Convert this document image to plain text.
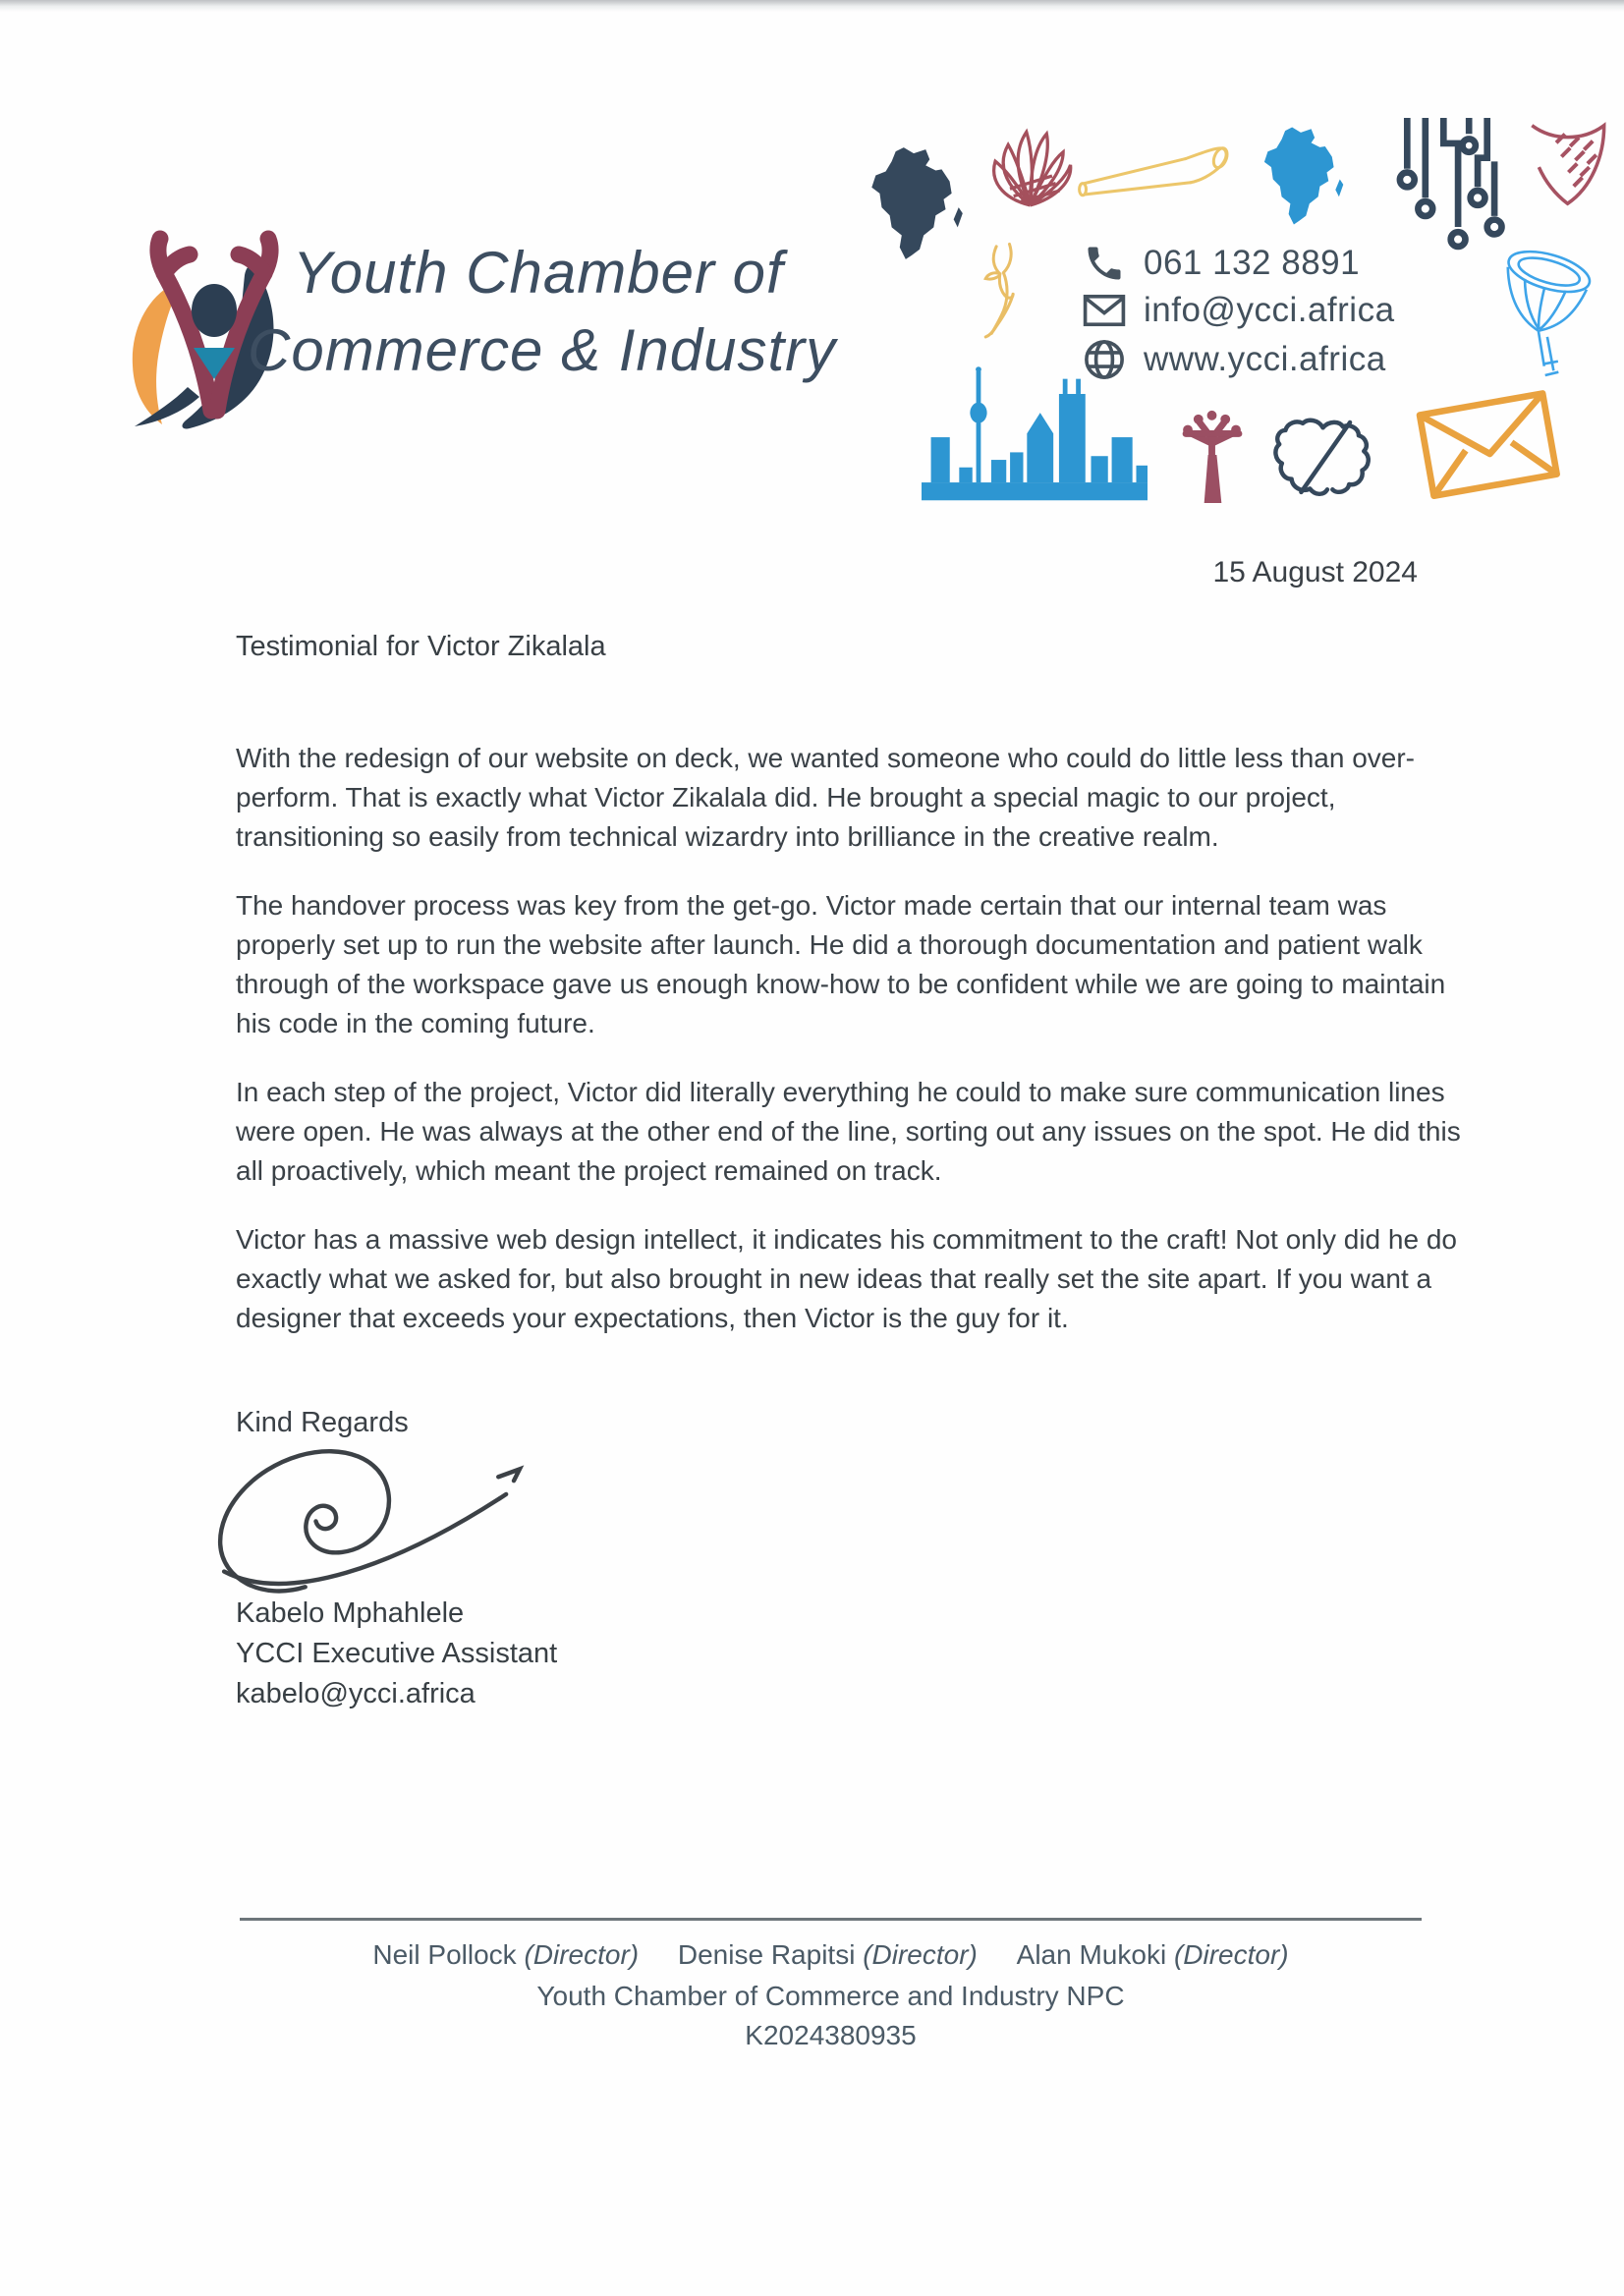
Youth Chamber of
Commerce & Industry
061 132 8891
info@ycci.africa
www.ycci.africa
15 August 2024
Testimonial for Victor Zikalala

With the redesign of our website on deck, we wanted someone who could do little less than over-perform. That is exactly what Victor Zikalala did. He brought a special magic to our project, transitioning so easily from technical wizardry into brilliance in the creative realm.

The handover process was key from the get-go. Victor made certain that our internal team was properly set up to run the website after launch. He did a thorough documentation and patient walk through of the workspace gave us enough know-how to be confident while we are going to maintain his code in the coming future.

In each step of the project, Victor did literally everything he could to make sure communication lines were open. He was always at the other end of the line, sorting out any issues on the spot. He did this all proactively, which meant the project remained on track.

Victor has a massive web design intellect, it indicates his commitment to the craft! Not only did he do exactly what we asked for, but also brought in new ideas that really set the site apart. If you want a designer that exceeds your expectations, then Victor is the guy for it.

Kind Regards
Kabelo Mphahlele
YCCI Executive Assistant
kabelo@ycci.africa
Neil Pollock (Director) Denise Rapitsi (Director) Alan Mukoki (Director)
Youth Chamber of Commerce and Industry NPC
K2024380935
